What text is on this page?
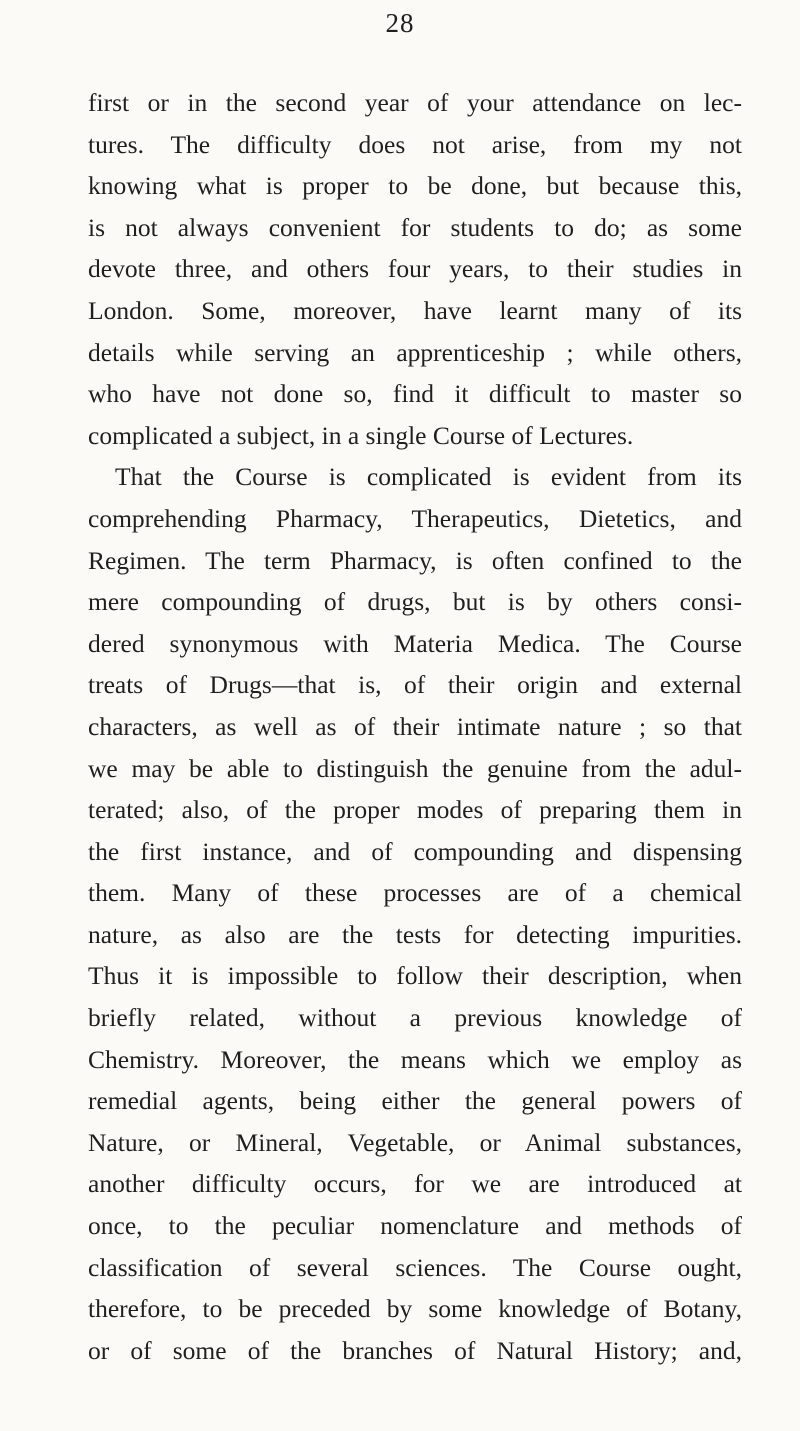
28
first or in the second year of your attendance on lec-
tures. The difficulty does not arise, from my not
knowing what is proper to be done, but because this,
is not always convenient for students to do; as some
devote three, and others four years, to their studies in
London. Some, moreover, have learnt many of its
details while serving an apprenticeship ; while others,
who have not done so, find it difficult to master so
complicated a subject, in a single Course of Lectures.
That the Course is complicated is evident from its
comprehending Pharmacy, Therapeutics, Dietetics, and
Regimen. The term Pharmacy, is often confined to the
mere compounding of drugs, but is by others consi-
dered synonymous with Materia Medica. The Course
treats of Drugs—that is, of their origin and external
characters, as well as of their intimate nature ; so that
we may be able to distinguish the genuine from the adul-
terated; also, of the proper modes of preparing them in
the first instance, and of compounding and dispensing
them. Many of these processes are of a chemical
nature, as also are the tests for detecting impurities.
Thus it is impossible to follow their description, when
briefly related, without a previous knowledge of
Chemistry. Moreover, the means which we employ as
remedial agents, being either the general powers of
Nature, or Mineral, Vegetable, or Animal substances,
another difficulty occurs, for we are introduced at
once, to the peculiar nomenclature and methods of
classification of several sciences. The Course ought,
therefore, to be preceded by some knowledge of Botany,
or of some of the branches of Natural History; and,
